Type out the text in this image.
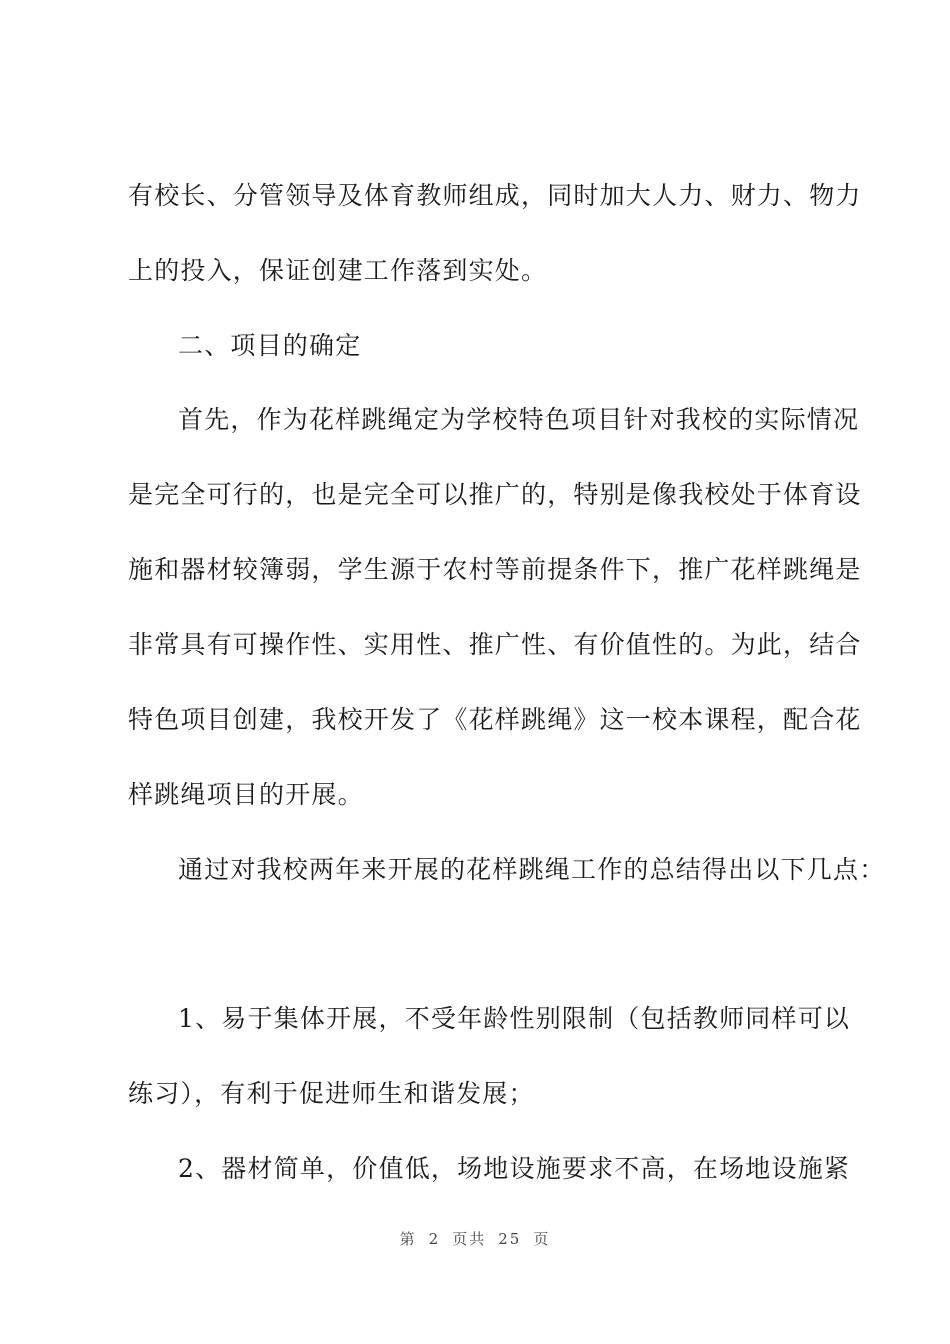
有校长、分管领导及体育教师组成，同时加大人力、财力、物力
上的投入，保证创建工作落到实处。
二、项目的确定
首先，作为花样跳绳定为学校特色项目针对我校的实际情况
是完全可行的，也是完全可以推广的，特别是像我校处于体育设
施和器材较簿弱，学生源于农村等前提条件下，推广花样跳绳是
非常具有可操作性、实用性、推广性、有价值性的。为此，结合
特色项目创建，我校开发了《花样跳绳》这一校本课程，配合花
样跳绳项目的开展。
通过对我校两年来开展的花样跳绳工作的总结得出以下几点：
1、易于集体开展，不受年龄性别限制（包括教师同样可以
练习），有利于促进师生和谐发展；
2、器材简单，价值低，场地设施要求不高，在场地设施紧
第 2 页共 25 页
